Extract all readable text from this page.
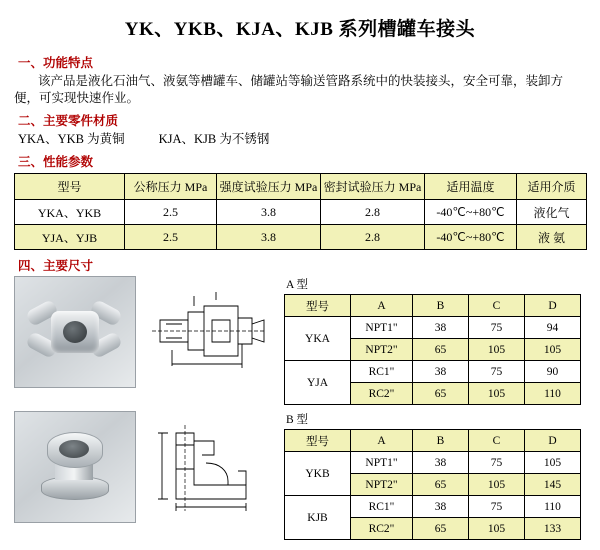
YK、YKB、KJA、KJB 系列槽罐车接头
一、功能特点

该产品是液化石油气、液氨等槽罐车、储罐站等输送管路系统中的快装接头，安全可靠，装卸方便，可实现快速作业。

二、主要零件材质

YKA、YKB 为黄铜	KJA、KJB 为不锈钢

三、性能参数
型号	公称压力 MPa	强度试验压力 MPa	密封试验压力 MPa	适用温度	适用介质
YKA、YKB	2.5	3.8	2.8	-40℃~+80℃	液化气
YJA、YJB	2.5	3.8	2.8	-40℃~+80℃	液 氨
四、主要尺寸
A 型
型号	A	B	C	D
YKA	NPT1"	38	75	94
	NPT2"	65	105	105
YJA	RC1"	38	75	90
	RC2"	65	105	110
B 型
型号	A	B	C	D
YKB	NPT1"	38	75	105
	NPT2"	65	105	145
KJB	RC1"	38	75	110
	RC2"	65	105	133
